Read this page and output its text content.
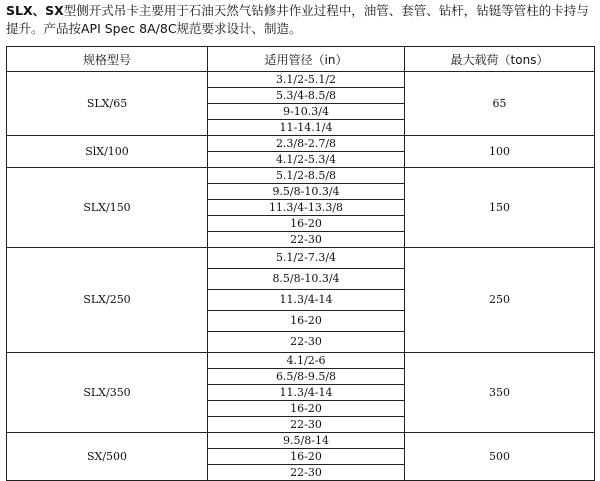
SLX、SX型侧开式吊卡主要用于石油天然气钻修井作业过程中，油管、套管、钻杆，钻铤等管柱的卡持与提升。产品按API Spec 8A/8C规范要求设计、制造。
规格型号	适用管径（in）	最大载荷（tons）
SLX/65	3.1/2-5.1/2	65
	5.3/4-8.5/8	
	9-10.3/4	
	11-14.1/4	
SlX/100	2.3/8-2.7/8	100
	4.1/2-5.3/4	
SLX/150	5.1/2-8.5/8	150
	9.5/8-10.3/4	
	11.3/4-13.3/8	
	16-20	
	22-30	
SLX/250	5.1/2-7.3/4	250
	8.5/8-10.3/4	
	11.3/4-14	
	16-20	
	22-30	
SLX/350	4.1/2-6	350
	6.5/8-9.5/8	
	11.3/4-14	
	16-20	
	22-30	
SX/500	9.5/8-14	500
	16-20	
	22-30	
